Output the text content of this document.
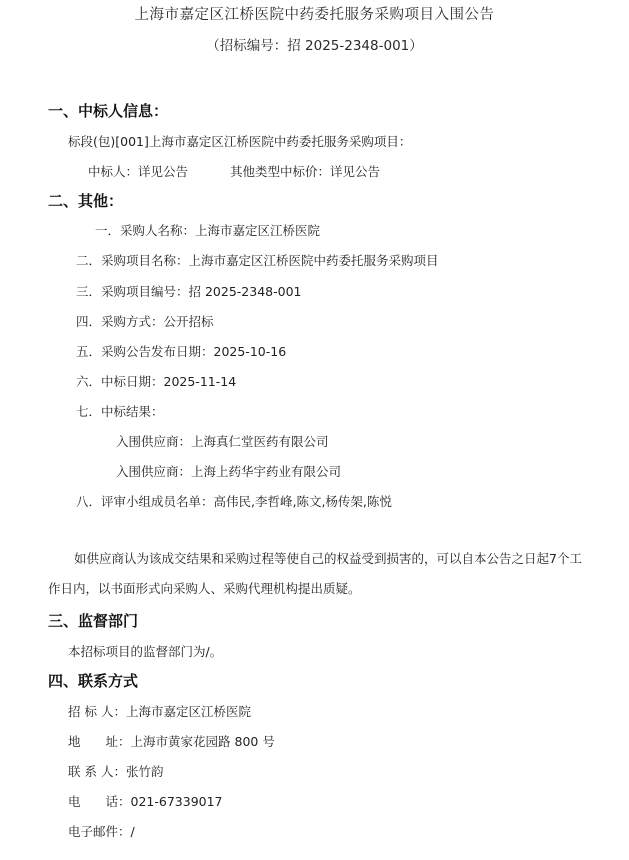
上海市嘉定区江桥医院中药委托服务采购项目入围公告
（招标编号：招 2025-2348-001）
一、中标人信息：
标段(包)[001]上海市嘉定区江桥医院中药委托服务采购项目：
中标人：详见公告	其他类型中标价：详见公告
二、其他：
一．采购人名称：上海市嘉定区江桥医院
二．采购项目名称：上海市嘉定区江桥医院中药委托服务采购项目
三．采购项目编号：招 2025-2348-001
四．采购方式：公开招标
五．采购公告发布日期：2025-10-16
六．中标日期：2025-11-14
七．中标结果：
入围供应商：上海真仁堂医药有限公司
入围供应商：上海上药华宇药业有限公司
八．评审小组成员名单：高伟民,李哲峰,陈文,杨传架,陈悦
如供应商认为该成交结果和采购过程等使自己的权益受到损害的，可以自本公告之日起7个工作日内，以书面形式向采购人、采购代理机构提出质疑。
三、监督部门
本招标项目的监督部门为/。
四、联系方式
招 标 人：上海市嘉定区江桥医院
地　　址：上海市黄家花园路 800 号
联 系 人：张竹韵
电　　话：021-67339017
电子邮件：/
